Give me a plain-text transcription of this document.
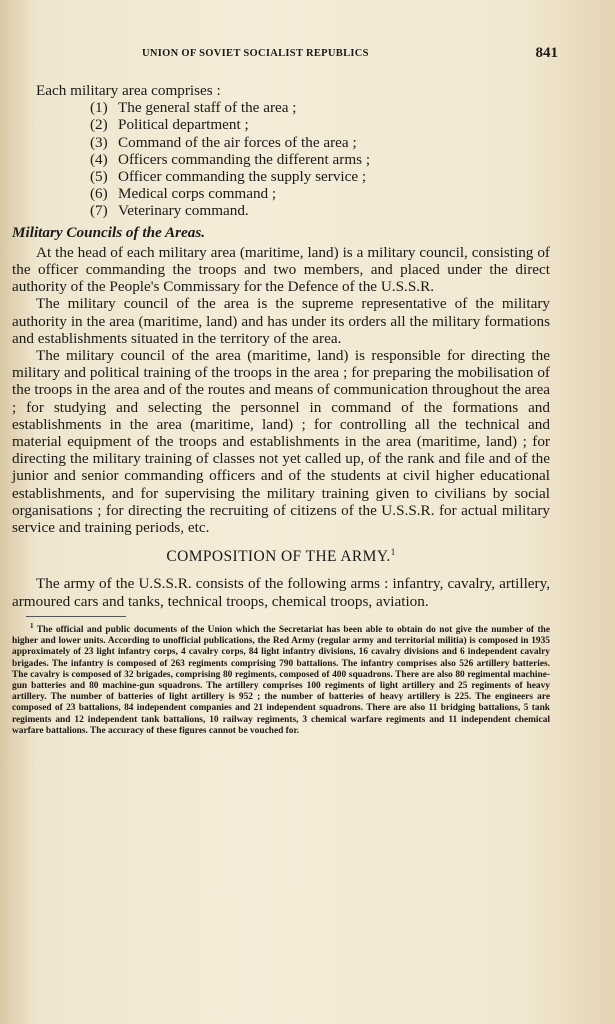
UNION OF SOVIET SOCIALIST REPUBLICS	841

Each military area comprises :

(1) The general staff of the area ;
(2) Political department ;
(3) Command of the air forces of the area ;
(4) Officers commanding the different arms ;
(5) Officer commanding the supply service ;
(6) Medical corps command ;
(7) Veterinary command.
Military Councils of the Areas.

At the head of each military area (maritime, land) is a military council, consisting of the officer commanding the troops and two members, and placed under the direct authority of the People's Commissary for the Defence of the U.S.S.R.

The military council of the area is the supreme representative of the military authority in the area (maritime, land) and has under its orders all the military formations and establishments situated in the territory of the area.

The military council of the area (maritime, land) is responsible for directing the military and political training of the troops in the area ; for preparing the mobilisation of the troops in the area and of the routes and means of communication throughout the area ; for studying and selecting the personnel in command of the formations and establishments in the area (maritime, land) ; for controlling all the technical and material equipment of the troops and establishments in the area (maritime, land) ; for directing the military training of classes not yet called up, of the rank and file and of the junior and senior commanding officers and of the students at civil higher educational establishments, and for supervising the military training given to civilians by social organisations ; for directing the recruiting of citizens of the U.S.S.R. for actual military service and training periods, etc.

COMPOSITION OF THE ARMY.$^1$

The army of the U.S.S.R. consists of the following arms : infantry, cavalry, artillery, armoured cars and tanks, technical troops, chemical troops, aviation.

$^1$ The official and public documents of the Union which the Secretariat has been able to obtain do not give the number of the higher and lower units. According to unofficial publications, the Red Army (regular army and territorial militia) is composed in 1935 approximately of 23 light infantry corps, 4 cavalry corps, 84 light infantry divisions, 16 cavalry divisions and 6 independent cavalry brigades. The infantry is composed of 263 regiments comprising 790 battalions. The infantry comprises also 526 artillery batteries. The cavalry is composed of 32 brigades, comprising 80 regiments, composed of 400 squadrons. There are also 80 regimental machine-gun batteries and 80 machine-gun squadrons. The artillery comprises 100 regiments of light artillery and 25 regiments of heavy artillery. The number of batteries of light artillery is 952 ; the number of batteries of heavy artillery is 225. The engineers are composed of 23 battalions, 84 independent companies and 21 independent squadrons. There are also 11 bridging battalions, 5 tank regiments and 12 independent tank battalions, 10 railway regiments, 3 chemical warfare regiments and 11 independent chemical warfare battalions. The accuracy of these figures cannot be vouched for.
